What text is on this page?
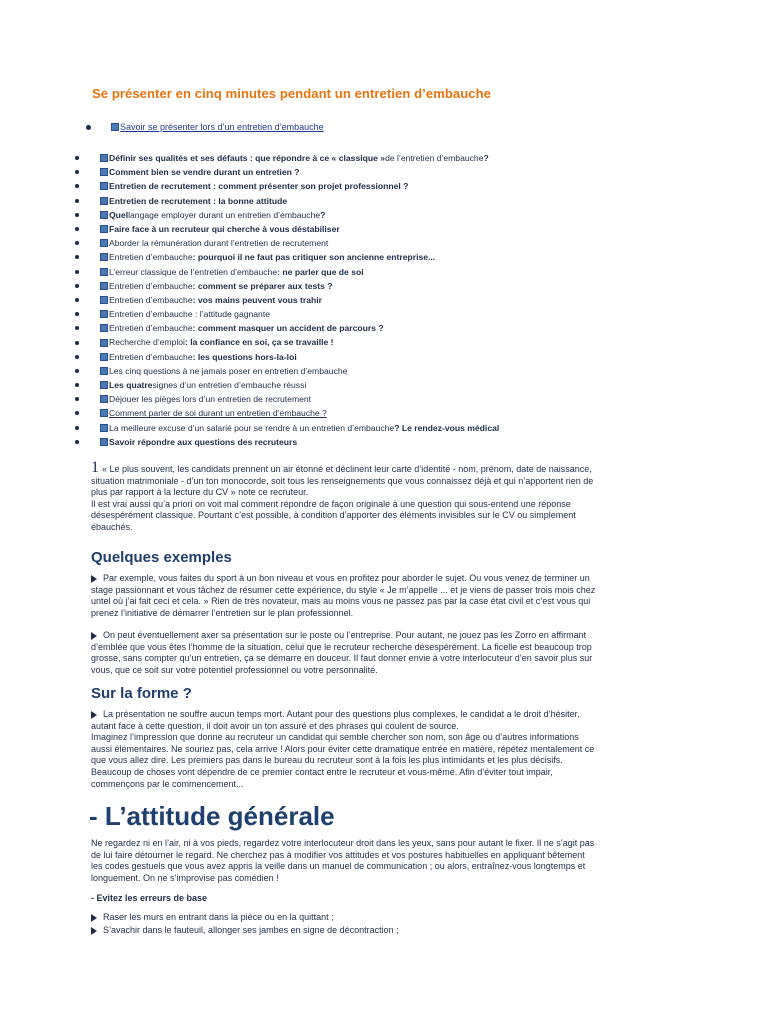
Se présenter en cinq minutes pendant un entretien d’embauche
Savoir se présenter lors d’un entretien d’embauche
Définir ses qualités et ses défauts : que répondre à ce « classique » de l’entretien d’embauche ?
Comment bien se vendre durant un entretien ?
Entretien de recrutement : comment présenter son projet professionnel ?
Entretien de recrutement : la bonne attitude
Quel langage employer durant un entretien d’embauche ?
Faire face à un recruteur qui cherche à vous déstabiliser
Aborder la rémunération durant l’entretien de recrutement
Entretien d’embauche : pourquoi il ne faut pas critiquer son ancienne entreprise...
L’erreur classique de l’entretien d’embauche : ne parler que de soi
Entretien d’embauche : comment se préparer aux tests ?
Entretien d’embauche : vos mains peuvent vous trahir
Entretien d’embauche : l’attitude gagnante
Entretien d’embauche : comment masquer un accident de parcours ?
Recherche d’emploi : la confiance en soi, ça se travaille !
Entretien d’embauche : les questions hors-la-loi
Les cinq questions à ne jamais poser en entretien d’embauche
Les quatre signes d’un entretien d’embauche réussi
Déjouer les pièges lors d’un entretien de recrutement
Comment parler de soi durant un entretien d’embauche ?
La meilleure excuse d’un salarié pour se rendre à un entretien d’embauche ? Le rendez-vous médical
Savoir répondre aux questions des recruteurs

1 « Le plus souvent, les candidats prennent un air étonné et déclinent leur carte d’identité - nom, prénom, date de naissance,

situation matrimoniale - d’un ton monocorde, soit tous les renseignements que vous connaissez déjà et qui n’apportent rien de

plus par rapport à la lecture du CV » note ce recruteur.

Il est vrai aussi qu’a priori on voit mal comment répondre de façon originale à une question qui sous-entend une réponse

désespérément classique. Pourtant c’est possible, à condition d’apporter des éléments invisibles sur le CV ou simplement

ébauchés.

Quelques exemples

Par exemple, vous faites du sport à un bon niveau et vous en profitez pour aborder le sujet. Ou vous venez de terminer un

stage passionnant et vous tâchez de résumer cette expérience, du style « Je m’appelle ... et je viens de passer trois mois chez

untel où j’ai fait ceci et cela. » Rien de très novateur, mais au moins vous ne passez pas par la case état civil et c’est vous qui

prenez l’initiative de démarrer l’entretien sur le plan professionnel.

On peut éventuellement axer sa présentation sur le poste ou l’entreprise. Pour autant, ne jouez pas les Zorro en affirmant

d’emblée que vous êtes l’homme de la situation, celui que le recruteur recherche désespérément. La ficelle est beaucoup trop

grosse, sans compter qu’un entretien, ça se démarre en douceur. Il faut donner envie à votre interlocuteur d’en savoir plus sur

vous, que ce soit sur votre potentiel professionnel ou votre personnalité.

Sur la forme ?

La présentation ne souffre aucun temps mort. Autant pour des questions plus complexes, le candidat a le droit d’hésiter,

autant face à cette question, il doit avoir un ton assuré et des phrases qui coulent de source.

Imaginez l’impression que donne au recruteur un candidat qui semble chercher son nom, son âge ou d’autres informations

aussi élémentaires. Ne souriez pas, cela arrive ! Alors pour éviter cette dramatique entrée en matière, répétez mentalement ce

que vous allez dire. Les premiers pas dans le bureau du recruteur sont à la fois les plus intimidants et les plus décisifs.

Beaucoup de choses vont dépendre de ce premier contact entre le recruteur et vous-même. Afin d’éviter tout impair,

commençons par le commencement...

- L’attitude générale

Ne regardez ni en l’air, ni à vos pieds, regardez votre interlocuteur droit dans les yeux, sans pour autant le fixer. Il ne s’agit pas

de lui faire détourner le regard. Ne cherchez pas à modifier vos attitudes et vos postures habituelles en appliquant bêtement

les codes gestuels que vous avez appris la veille dans un manuel de communication ; ou alors, entraînez-vous longtemps et

longuement. On ne s’improvise pas comédien !

- Evitez les erreurs de base
Raser les murs en entrant dans la pièce ou en la quittant ;
S’avachir dans le fauteuil, allonger ses jambes en signe de décontraction ;
